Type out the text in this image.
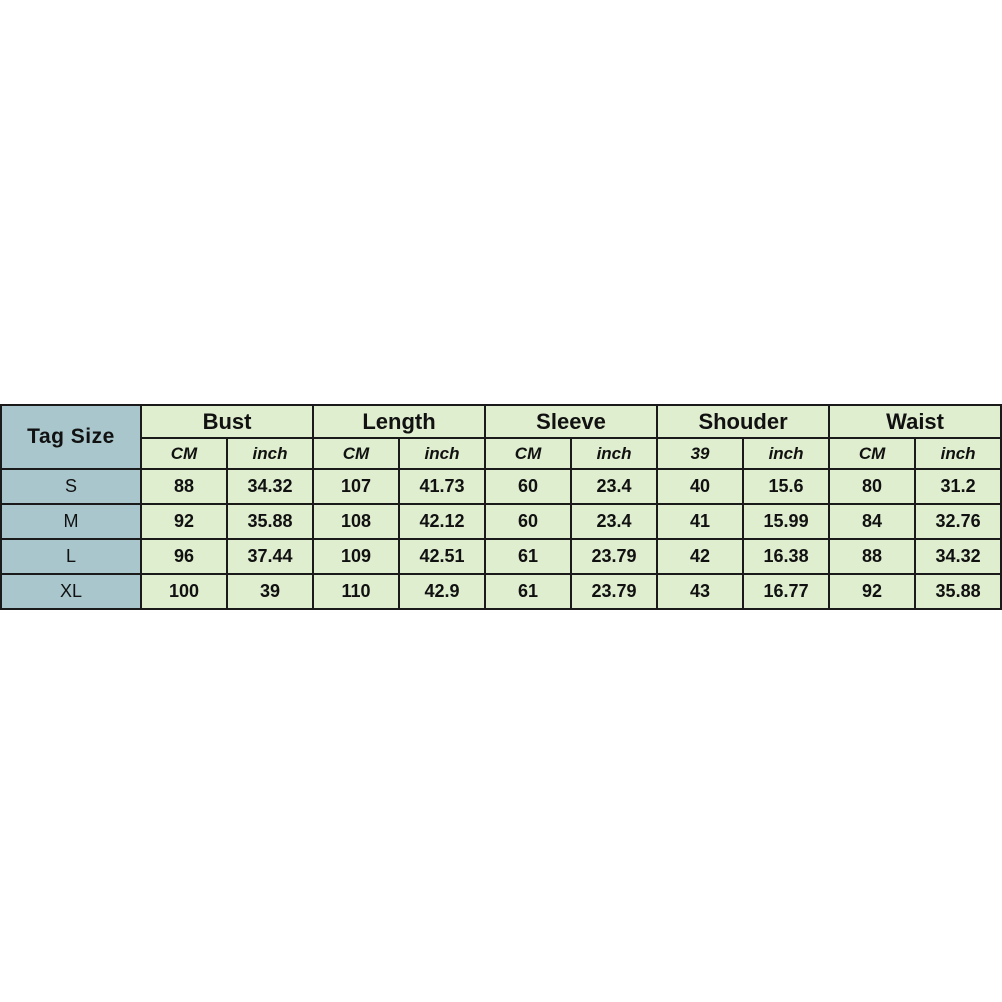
Tag Size	Bust		Length		Sleeve		Shouder		Waist	
	CM	inch	CM	inch	CM	inch	39	inch	CM	inch
S	88	34.32	107	41.73	60	23.4	40	15.6	80	31.2
M	92	35.88	108	42.12	60	23.4	41	15.99	84	32.76
L	96	37.44	109	42.51	61	23.79	42	16.38	88	34.32
XL	100	39	110	42.9	61	23.79	43	16.77	92	35.88
